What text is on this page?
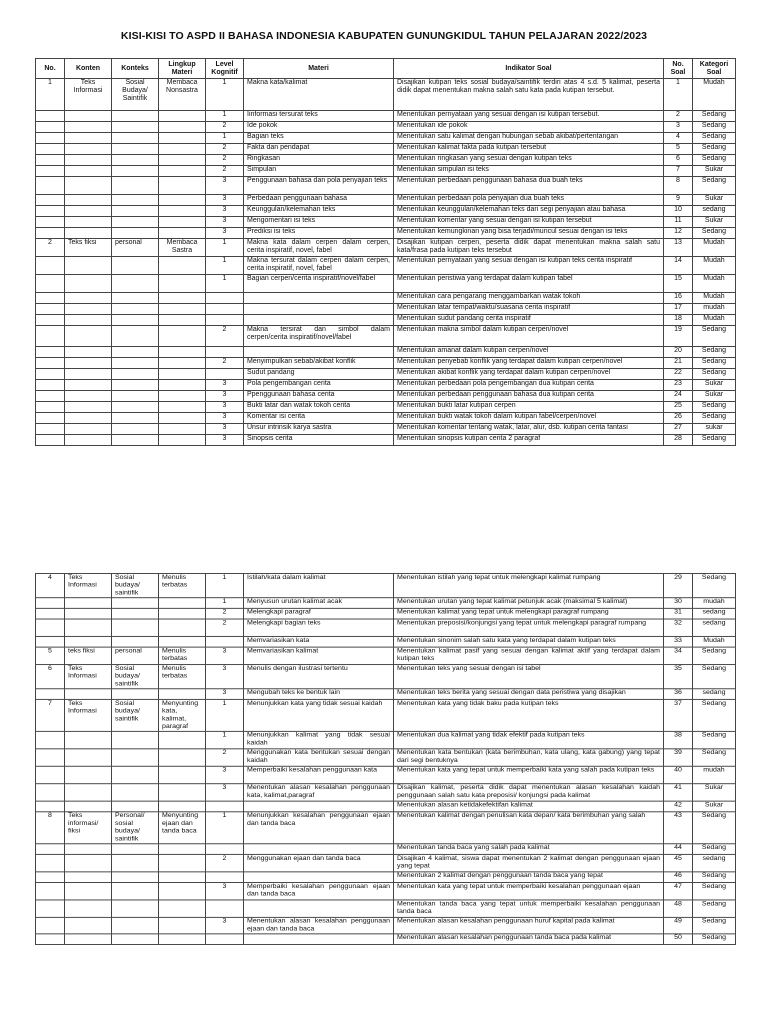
KISI-KISI TO ASPD II BAHASA INDONESIA KABUPATEN GUNUNGKIDUL TAHUN PELAJARAN 2022/2023
No.	Konten	Konteks	Lingkup Materi	Level Kognitif	Materi	Indikator Soal	No. Soal	Kategori Soal
1	Teks Informasi	Sosial Budaya/ Saintifik	Membaca Nonsastra	1	Makna kata/kalimat	Disajikan kutipan teks sosial budaya/saintifik terdiri atas 4 s.d. 5 kalimat, peserta didik dapat menentukan makna salah satu kata pada kutipan tersebut.	1	Mudah
				1	Iinformasi tersurat teks	Menentukan pernyataan yang sesuai dengan isi kutipan tersebut.	2	Sedang
				2	Ide pokok	Menentukan ide pokok	3	Sedang
				1	Bagian teks	Menentukan satu kalimat dengan hubungan sebab akibat/pertentangan	4	Sedang
				2	Fakta dan pendapat	Menentukan kalimat fakta pada kutipan tersebut	5	Sedang
				2	Ringkasan	Menentukan ringkasan yang sesuai dengan kutipan teks	6	Sedang
				2	Simpulan	Menentukan simpulan isi teks	7	Sukar
				3	Penggunaan bahasa dan pola penyajian teks	Menentukan perbedaan penggunaan bahasa dua buah teks	8	Sedang
				3	Perbedaan penggunaan bahasa	Menentukan perbedaan pola penyajian dua buah teks	9	Sukar
				3	Keunggulan/kelemahan teks	Menentukan keunggulan/kelemahan teks dari segi penyajian atau bahasa	10	sedang
				3	Mengomentari isi teks	Menentukan komentar yang sesuai dengan isi kutipan tersebut	11	Sukar
				3	Prediksi isi teks	Menentukan kemungkinan yang bisa terjadi/muncul sesuai dengan isi teks	12	Sedang
2	Teks fiksi	personal	Membaca Sastra	1	Makna kata dalam cerpen dalam cerpen, cerita inspiratif, novel, fabel	Disajikan kutipan cerpen, peserta didik dapat menentukan makna salah satu kata/frasa pada kutipan teks tersebut	13	Mudah
				1	Makna tersurat dalam cerpen dalam cerpen, cerita inspiratif, novel, fabel	Menentukan pernyataan yang sesuai dengan isi kutipan teks cerita inspiratif	14	Mudah
				1	Bagian cerpen/cerita inspiratif/novel/fabel	Menentukan peristiwa yang terdapat dalam kutipan fabel	15	Mudah
						Menentukan cara pengarang menggambarkan watak tokoh	16	Mudah
						Menentukan latar tempat/waktu/suasana cerita inspiratif	17	mudah
						Menentukan sudut pandang cerita inspiratif	18	Mudah
				2	Makna tersirat dan simbol dalam cerpen/cerita inspiratif/novel/fabel	Menentukan makna simbol dalam kutipan cerpen/novel	19	Sedang
						Menentukan amanat dalam kutipan cerpen/novel	20	Sedang
				2	Menyimpulkan sebab/akibat konflik	Menentukan penyebab konflik yang terdapat dalam kutipan cerpen/novel	21	Sedang
					Sudut pandang	Menentukan akibat konflik yang terdapat dalam kutipan cerpen/novel	22	Sedang
				3	Pola pengembangan cerita	Menentukan perbedaan pola pengembangan dua kutipan cerita	23	Sukar
				3	Ppenggunaan bahasa cerita	Menentukan perbedaan penggunaan bahasa dua kutipan cerita	24	Sukar
				3	Bukti latar dan watak tokoh cerita	Menentukan bukti latar kutipan cerpen	25	Sedang
				3	Komentar isi cerita	Menentukan bukti watak tokoh dalam kutipan fabel/cerpen/novel	26	Sedang
				3	Unsur intrinsik karya sastra	Menentukan komentar tentang watak, latar, alur, dsb. kutipan cerita fantasi	27	sukar
				3	Sinopsis cerita	Menentukan sinopsis kutipan cerita 2 paragraf	28	Sedang
4	Teks Informasi	Sosial budaya/ saintifik	Menulis terbatas	1	Istilah/kata dalam kalimat	Menentukan istilah yang tepat untuk melengkapi kalimat rumpang	29	Sedang
				1	Menyusun urutan kalimat acak	Menentukan urutan yang tepat kalimat petunjuk acak (maksimal 5 kalimat)	30	mudah
				2	Melengkapi paragraf	Menentukan kalimat yang tepat untuk melengkapi paragraf rumpang	31	sedang
				2	Melengkapi bagian teks	Menentukan preposisi/konjungsi yang tepat untuk melengkapi paragraf rumpang	32	sedang
					Memvariasikan kata	Menentukan sinonim salah satu kata yang terdapat dalam kutipan teks	33	Mudah
5	teks fiksi	personal	Menulis terbatas	3	Memvariasikan kalimat	Menentukan kalimat pasif yang sesuai dengan kalimat aktif yang terdapat dalam kutipan teks	34	Sedang
6	Teks Informasi	Sosial budaya/ saintifik	Menulis terbatas	3	Menulis dengan ilustrasi tertentu	Menentukan teks yang sesuai dengan isi tabel	35	Sedang
				3	Mengubah teks ke bentuk lain	Menentukan teks berita yang sesuai dengan data peristiwa yang disajikan	36	sedang
7	Teks Informasi	Sosial budaya/ saintifik	Menyunting kata, kalimat, paragraf	1	Menunjukkan kata yang tidak sesuai kaidah	Menentukan kata yang tidak baku pada kutipan teks	37	Sedang
				1	Menunjukkan kalimat yang tidak sesuai kaidah	Menentukan dua kalimat yang tidak efektif pada kutipan teks	38	Sedang
				2	Menggunakan kata bentukan sesuai dengan kaidah	Menentukan kata bentukan (kata berimbuhan, kata ulang, kata gabung) yang tepat dari segi bentuknya	39	Sedang
				3	Memperbaiki kesalahan penggunaan kata	Menentukan kata yang tepat untuk memperbaiki kata yang salah pada kutipan teks	40	mudah
				3	Menentukan alasan kesalahan penggunaan kata, kalimat,paragraf	Disajikan kalimat, peserta didik dapat menentukan alasan kesalahan kaidah penggunaan salah satu kata preposisi/ konjungsi pada kalimat	41	Sukar
						Menentukan alasan ketidakefektifan kalimat	42	Sukar
8	Teks informasi/ fiksi	Personal/ sosial budaya/ saintifik	Menyunting ejaan dan tanda baca	1	Menunjukkan kesalahan penggunaan ejaan dan tanda baca	Menentukan kalimat dengan penulisan kata depan/ kata berimbuhan yang salah	43	Sedang
						Menentukan tanda baca yang salah pada kalimat	44	Sedang
				2	Menggunakan ejaan dan tanda baca	Disajikan 4 kalimat, siswa dapat menentukan 2 kalimat dengan penggunaan ejaan yang tepat	45	sedang
						Menentukan 2 kalimat dengan penggunaan tanda baca yang tepat	46	Sedang
				3	Memperbaiki kesalahan penggunaan ejaan dan tanda baca	Menentukan kata yang tepat untuk memperbaiki kesalahan penggunaan ejaan	47	Sedang
						Menentukan tanda baca yang tepat untuk memperbaiki kesalahan penggunaan tanda baca	48	Sedang
				3	Menentukan alasan kesalahan penggunaan ejaan dan tanda baca	Menentukan alasan kesalahan penggunaan huruf kapital pada kalimat	49	Sedang
						Menentukan alasan kesalahan penggunaan tanda baca pada kalimat	50	Sedang
